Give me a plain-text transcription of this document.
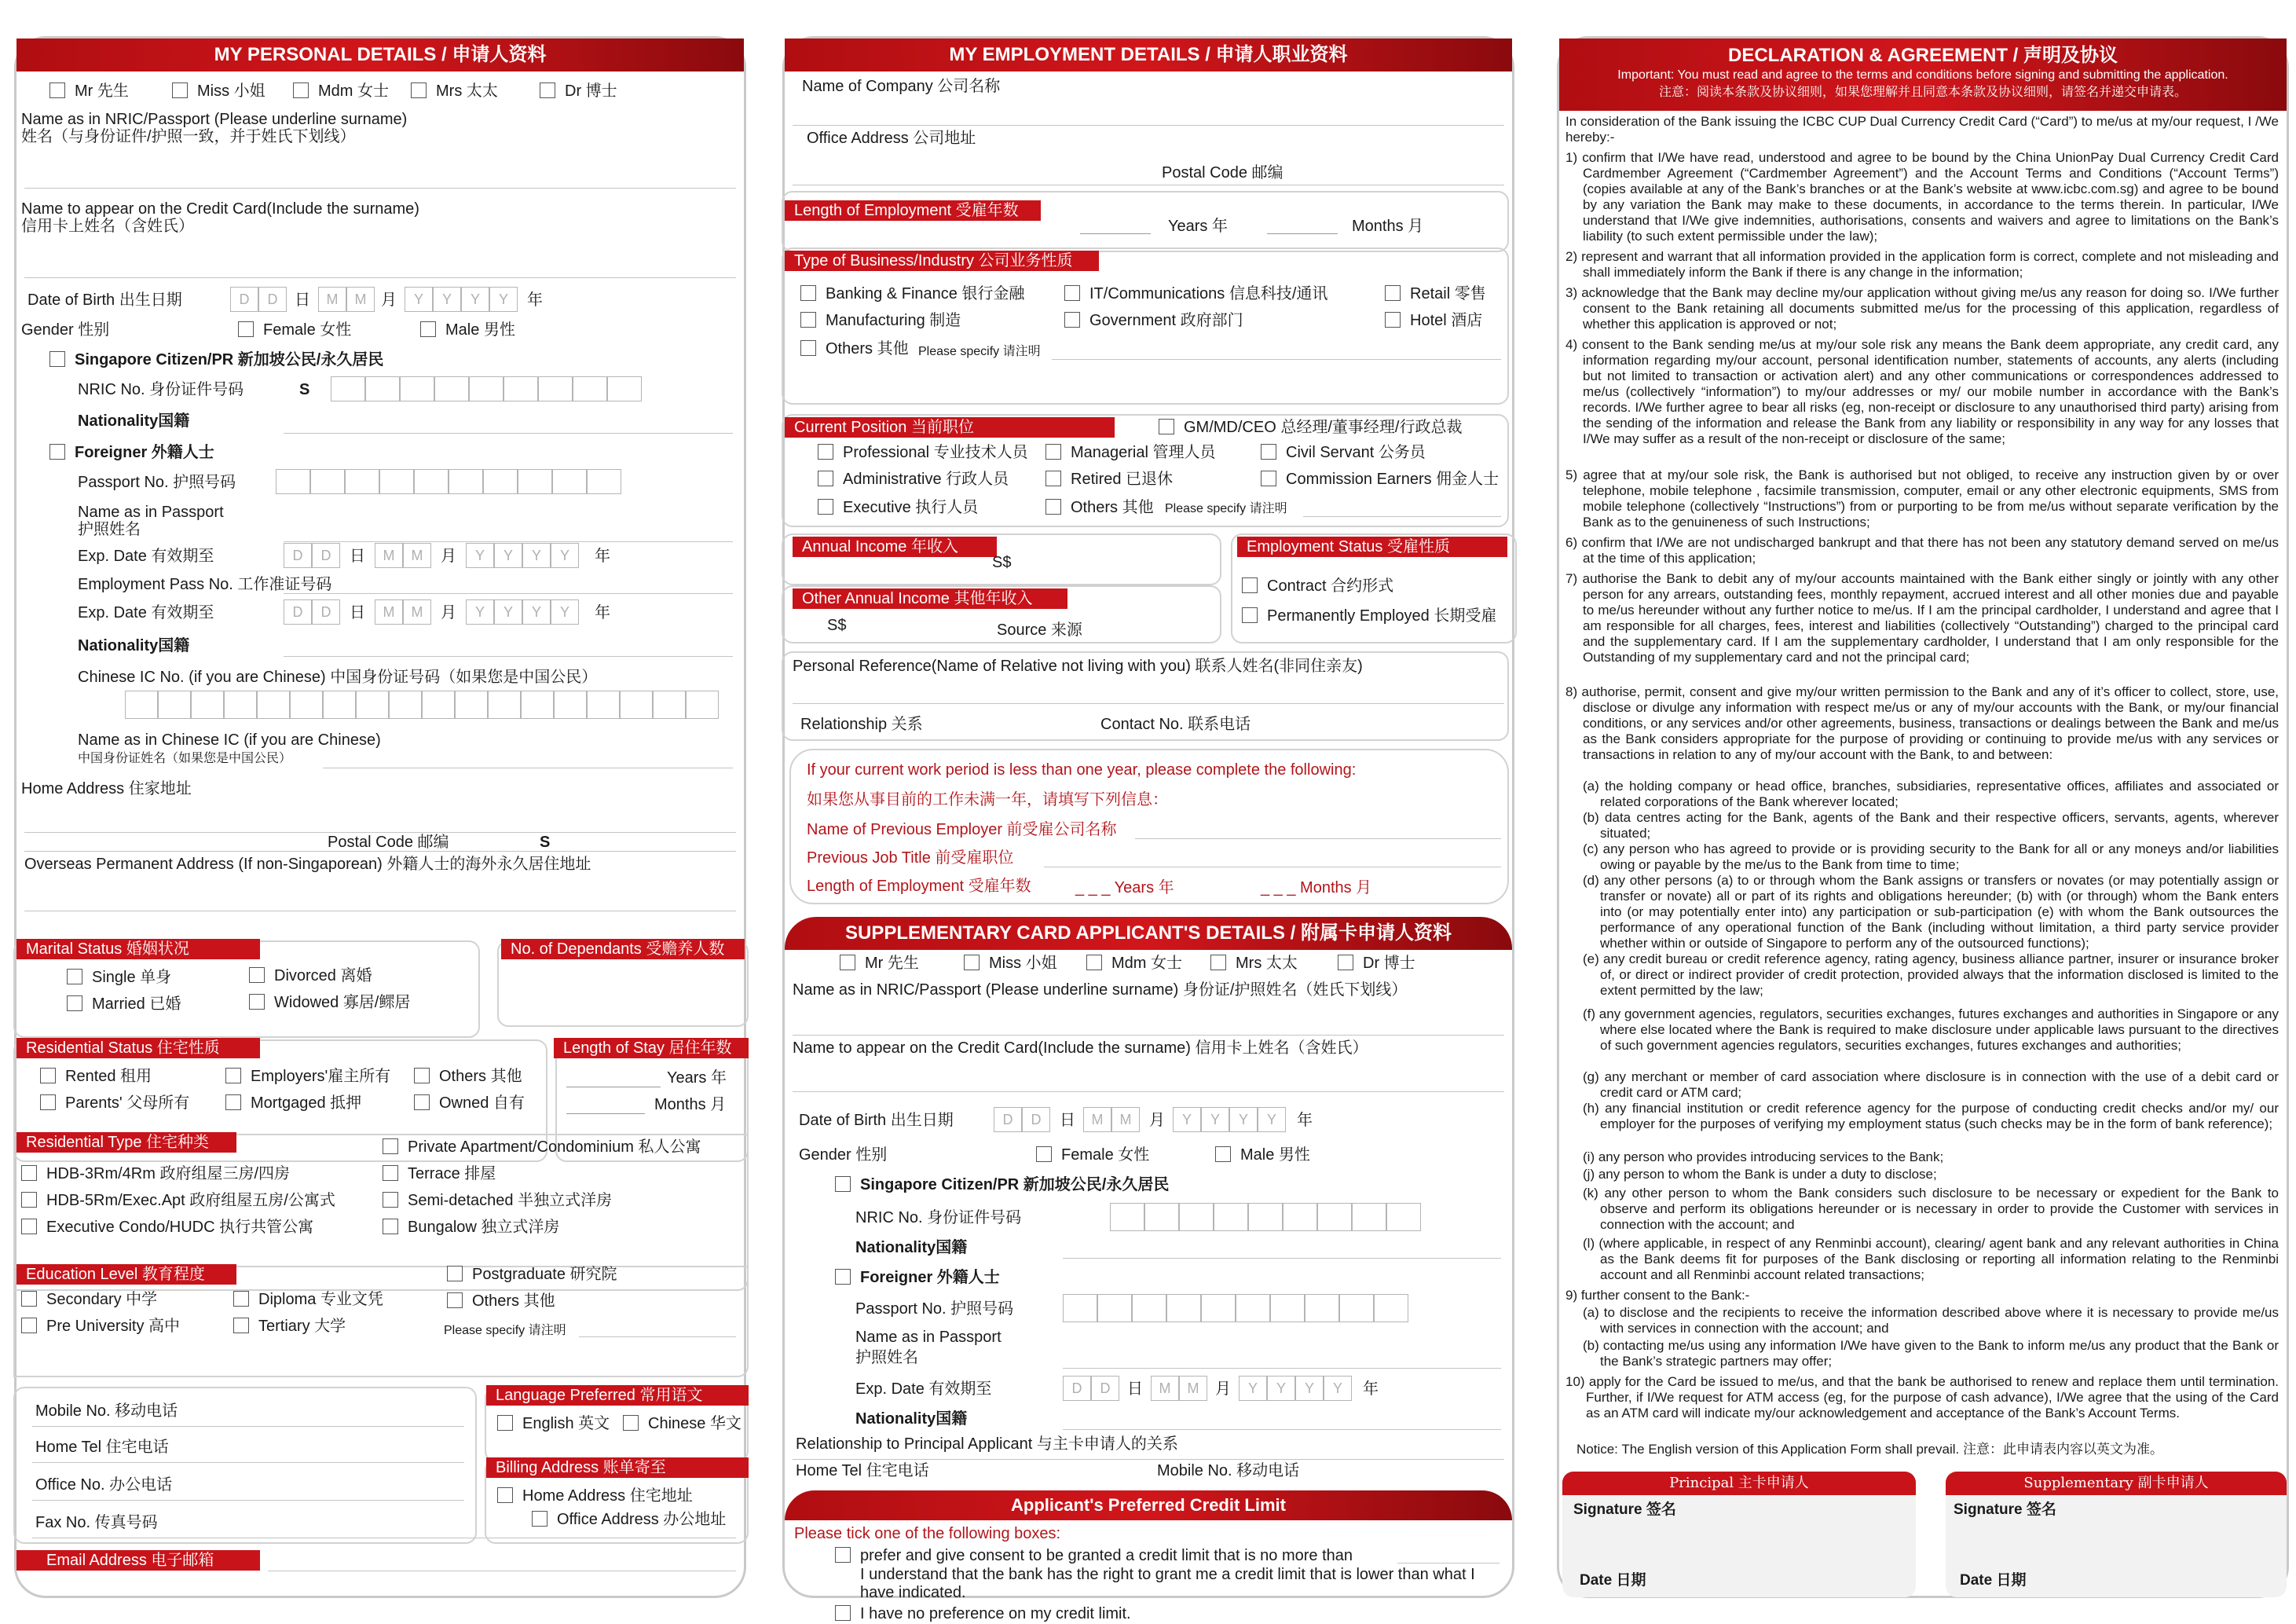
MY PERSONAL DETAILS / 申请人资料
Mr 先生	Miss 小姐	Mdm 女士	Mrs 太太	Dr 博士
Name as in NRIC/Passport (Please underline surname)
姓名（与身份证件/护照一致，并于姓氏下划线）
Name to appear on the Credit Card(Include the surname)
信用卡上姓名（含姓氏）
Date of Birth 出生日期	D	D	日	M	M 月	Y	Y	Y	Y	年
Gender 性别	Female 女性	Male 男性
Singapore Citizen/PR 新加坡公民/永久居民
NRIC No. 身份证件号码	S
Nationality国籍
Foreigner 外籍人士
Passport No. 护照号码
Name as in Passport
护照姓名
Exp. Date 有效期至	D	D	日	M	M	月	Y	Y	Y	Y	年
Employment Pass No. 工作准证号码
Exp. Date 有效期至	D	D	日	M	M	月	Y	Y	Y	Y	年
Nationality国籍
Chinese IC No. (if you are Chinese) 中国身份证号码（如果您是中国公民）
Name as in Chinese IC (if you are Chinese)
中国身份证姓名（如果您是中国公民）
Home Address 住家地址
Postal Code 邮编	S
Overseas Permanent Address (If non-Singaporean) 外籍人士的海外永久居住地址
Marital Status 婚姻状况
Single 单身
Married 已婚
Divorced 离婚
Widowed 寡居/鳏居
No. of Dependants 受赡养人数
Residential Status 住宅性质
Rented 租用
Parents' 父母所有
Employers'雇主所有
Mortgaged 抵押
Others 其他
Owned 自有
Length of Stay 居住年数
Years 年
Months 月
Residential Type 住宅种类
HDB-3Rm/4Rm 政府组屋三房/四房
HDB-5Rm/Exec.Apt 政府组屋五房/公寓式
Executive Condo/HUDC 执行共管公寓
Private Apartment/Condominium 私人公寓
Terrace 排屋
Semi-detached 半独立式洋房
Bungalow 独立式洋房
Education Level 教育程度
Secondary 中学
Pre University 高中
Diploma 专业文凭
Tertiary 大学
Postgraduate 研究院
Others 其他
Please specify 请注明
Mobile No. 移动电话
Home Tel 住宅电话
Office No. 办公电话
Fax No. 传真号码
Email Address 电子邮箱
Language Preferred 常用语文
English 英文	Chinese 华文
Billing Address 账单寄至
Home Address 住宅地址
Office Address 办公地址
MY EMPLOYMENT DETAILS / 申请人职业资料
Name of Company 公司名称
Office Address 公司地址
Postal Code 邮编
Length of Employment 受雇年数
Years 年	Months 月
Type of Business/Industry 公司业务性质
Banking & Finance 银行金融
Manufacturing 制造
Others 其他 Please specify 请注明
IT/Communications 信息科技/通讯
Government 政府部门
Retail 零售
Hotel 酒店
Current Position 当前职位	GM/MD/CEO 总经理/董事经理/行政总裁
Professional 专业技术人员
Administrative 行政人员
Executive 执行人员
Managerial 管理人员
Retired 已退休
Others 其他 Please specify 请注明
Civil Servant 公务员
Commission Earners 佣金人士
Annual Income 年收入
S$
Other Annual Income 其他年收入
S$	Source 来源
Employment Status 受雇性质
Contract 合约形式
Permanently Employed 长期受雇
Personal Reference(Name of Relative not living with you) 联系人姓名(非同住亲友)
Relationship 关系	Contact No. 联系电话
If your current work period is less than one year, please complete the following:
如果您从事目前的工作未满一年，请填写下列信息：
Name of Previous Employer 前受雇公司名称
Previous Job Title 前受雇职位
Length of Employment 受雇年数	_ _ _ Years 年	_ _ _ Months 月
SUPPLEMENTARY CARD APPLICANT'S DETAILS / 附属卡申请人资料
Mr 先生	Miss 小姐	Mdm 女士	Mrs 太太	Dr 博士
Name as in NRIC/Passport (Please underline surname) 身份证/护照姓名（姓氏下划线）
Name to appear on the Credit Card(Include the surname) 信用卡上姓名（含姓氏）
Date of Birth 出生日期	D	D	日	M	M	月	Y	Y	Y	Y	年
Gender 性别	Female 女性	Male 男性
Singapore Citizen/PR 新加坡公民/永久居民
NRIC No. 身份证件号码
Nationality国籍
Foreigner 外籍人士
Passport No. 护照号码
Name as in Passport
护照姓名
Exp. Date 有效期至	D	D	日	M	M	月	Y	Y	Y	Y	年
Nationality国籍
Relationship to Principal Applicant 与主卡申请人的关系
Home Tel 住宅电话	Mobile No. 移动电话
Applicant's Preferred Credit Limit
Please tick one of the following boxes:
prefer and give consent to be granted a credit limit that is no more than
I understand that the bank has the right to grant me a credit limit that is lower than what I have indicated.
I have no preference on my credit limit.
DECLARATION & AGREEMENT / 声明及协议
Important: You must read and agree to the terms and conditions before signing and submitting the application.
注意：阅读本条款及协议细则，如果您理解并且同意本条款及协议细则，请签名并递交申请表。
In consideration of the Bank issuing the ICBC CUP Dual Currency Credit Card (“Card”) to me/us at my/our request, I /We hereby:-
1) confirm that I/We have read, understood and agree to be bound by the China UnionPay Dual Currency Credit Card Cardmember Agreement (“Cardmember Agreement”) and the Account Terms and Conditions (“Account Terms”) (copies available at any of the Bank’s branches or at the Bank’s website at www.icbc.com.sg) and agree to be bound by any variation the Bank may make to these documents, in accordance to the terms therein. In particular, I/We understand that I/We give indemnities, authorisations, consents and waivers and agree to limitations on the Bank’s liability (to such extent permissible under the law);
2) represent and warrant that all information provided in the application form is correct, complete and not misleading and shall immediately inform the Bank if there is any change in the information;
3) acknowledge that the Bank may decline my/our application without giving me/us any reason for doing so. I/We further consent to the Bank retaining all documents submitted me/us for the processing of this application, regardless of whether this application is approved or not;
4) consent to the Bank sending me/us at my/our sole risk any means the Bank deem appropriate, any credit card, any information regarding my/our account, personal identification number, statements of accounts, any alerts (including but not limited to transaction or activation alert) and any other communications or correspondences addressed to me/us (collectively “information”) to my/our addresses or my/ our mobile number in accordance with the Bank’s records. I/We further agree to bear all risks (eg, non-receipt or disclosure to any unauthorised third party) arising from the sending of the information and release the Bank from any liability or responsibility in any way for any losses that I/We may suffer as a result of the non-receipt or disclosure of the same;
5) agree that at my/our sole risk, the Bank is authorised but not obliged, to receive any instruction given by or over telephone, mobile telephone , facsimile transmission, computer, email or any other electronic equipments, SMS from mobile telephone (collectively “Instructions”) from or purporting to be from me/us without separate verification by the Bank as to the genuineness of such Instructions;
6) confirm that I/We are not undischarged bankrupt and that there has not been any statutory demand served on me/us at the time of this application;
7) authorise the Bank to debit any of my/our accounts maintained with the Bank either singly or jointly with any other person for any arrears, outstanding fees, monthly repayment, accrued interest and all other monies due and payable to me/us hereunder without any further notice to me/us. If I am the principal cardholder, I understand and agree that I am responsible for all charges, fees, interest and liabilities (collectively “Outstanding”) charged to the principal card and the supplementary card. If I am the supplementary cardholder, I understand that I am only responsible for the Outstanding of my supplementary card and not the principal card;
8) authorise, permit, consent and give my/our written permission to the Bank and any of it’s officer to collect, store, use, disclose or divulge any information with respect me/us or any of my/our accounts with the Bank, or my/our financial conditions, or any services and/or other agreements, business, transactions or dealings between the Bank and me/us as the Bank considers appropriate for the purpose of providing or continuing to provide me/us with any services or transactions in relation to any of my/our account with the Bank, to and between:
(a) the holding company or head office, branches, subsidiaries, representative offices, affiliates and associated or related corporations of the Bank wherever located;
(b) data centres acting for the Bank, agents of the Bank and their respective officers, servants, agents, wherever situated;
(c) any person who has agreed to provide or is providing security to the Bank for all or any moneys and/or liabilities owing or payable by the me/us to the Bank from time to time;
(d) any other persons (a) to or through whom the Bank assigns or transfers or novates (or may potentially assign or transfer or novate) all or part of its rights and obligations hereunder; (b) with (or through) whom the Bank enters into (or may potentially enter into) any participation or sub-participation (e) with whom the Bank outsources the performance of any operational function of the Bank (including without limitation, a third party service provider whether within or outside of Singapore to perform any of the outsourced functions);
(e) any credit bureau or credit reference agency, rating agency, business alliance partner, insurer or insurance broker of, or direct or indirect provider of credit protection, provided always that the information disclosed is limited to the extent permitted by the law;
(f) any government agencies, regulators, securities exchanges, futures exchanges and authorities in Singapore or any where else located where the Bank is required to make disclosure under applicable laws pursuant to the directives of such government agencies regulators, securities exchanges, futures exchanges and authorities;
(g) any merchant or member of card association where disclosure is in connection with the use of a debit card or credit card or ATM card;
(h) any financial institution or credit reference agency for the purpose of conducting credit checks and/or my/ our employer for the purposes of verifying my employment status (such checks may be in the form of bank reference);
(i) any person who provides introducing services to the Bank;
(j) any person to whom the Bank is under a duty to disclose;
(k) any other person to whom the Bank considers such disclosure to be necessary or expedient for the Bank to observe and perform its obligations hereunder or is necessary in order to provide the Customer with services in connection with the account; and
(l) (where applicable, in respect of any Renminbi account), clearing/ agent bank and any relevant authorities in China as the Bank deems fit for purposes of the Bank disclosing or reporting all information relating to the Renminbi account and all Renminbi account related transactions;
9) further consent to the Bank:-
(a) to disclose and the recipients to receive the information described above where it is necessary to provide me/us with services in connection with the account; and
(b) contacting me/us using any information I/We have given to the Bank to inform me/us any product that the Bank or the Bank’s strategic partners may offer;
10) apply for the Card be issued to me/us, and that the bank be authorised to renew and replace them until termination. Further, if I/We request for ATM access (eg, for the purpose of cash advance), I/We agree that the using of the Card as an ATM card will indicate my/our acknowledgement and acceptance of the Bank’s Account Terms.
Notice: The English version of this Application Form shall prevail. 注意：此申请表内容以英文为准。
Principal 主卡申请人
Signature 签名
Date 日期
Supplementary 副卡申请人
Signature 签名
Date 日期
